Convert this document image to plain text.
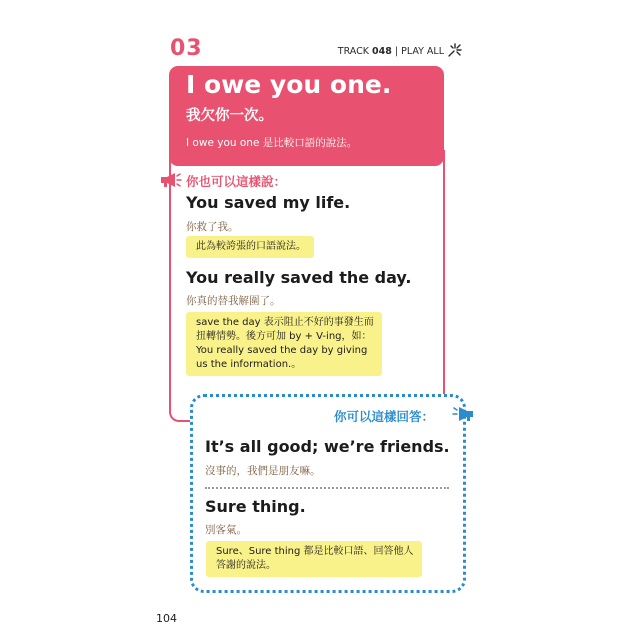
03	TRACK 048 | PLAY ALL
I owe you one.
我欠你一次。
I owe you one 是比較口語的說法。
你也可以這樣說：
You saved my life.
你救了我。
此為較誇張的口語說法。
You really saved the day.
你真的替我解圍了。
save the day 表示阻止不好的事發生而
扭轉情勢。後方可加 by + V-ing，如：
You really saved the day by giving
us the information.。
你可以這樣回答：
It’s all good; we’re friends.
沒事的，我們是朋友嘛。
Sure thing.
別客氣。
Sure、Sure thing 都是比較口語、回答他人
答謝的說法。
104
